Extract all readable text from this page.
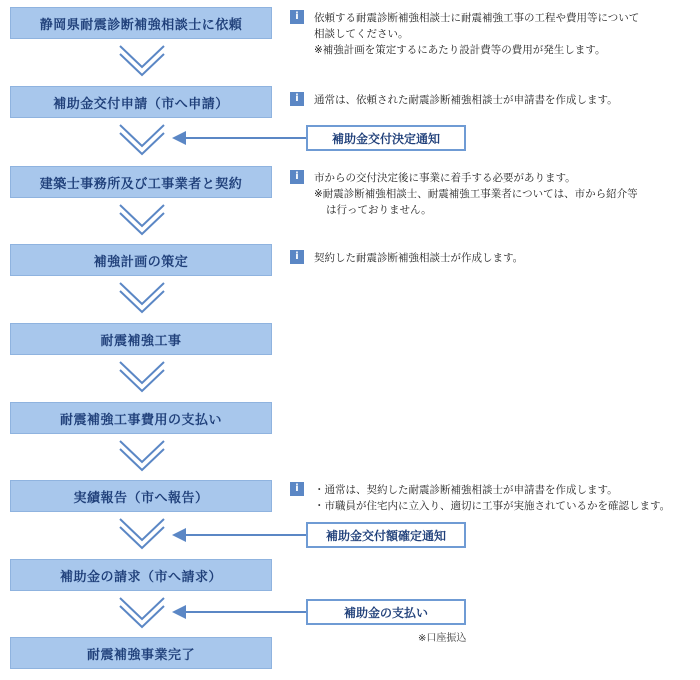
静岡県耐震診断補強相談士に依頼
補助金交付申請（市へ申請）
建築士事務所及び工事業者と契約
補強計画の策定
耐震補強工事
耐震補強工事費用の支払い
実績報告（市へ報告）
補助金の請求（市へ請求）
耐震補強事業完了
i	依頼する耐震診断補強相談士に耐震補強工事の工程や費用等について
相談してください。
※補強計画を策定するにあたり設計費等の費用が発生します。
i	通常は、依頼された耐震診断補強相談士が申請書を作成します。
i	市からの交付決定後に事業に着手する必要があります。
※耐震診断補強相談士、耐震補強工事業者については、市から紹介等
は行っておりません。
i	契約した耐震診断補強相談士が作成します。
i	・通常は、契約した耐震診断補強相談士が申請書を作成します。
・市職員が住宅内に立入り、適切に工事が実施されているかを確認します。
補助金交付決定通知
補助金交付額確定通知
補助金の支払い
※口座振込
